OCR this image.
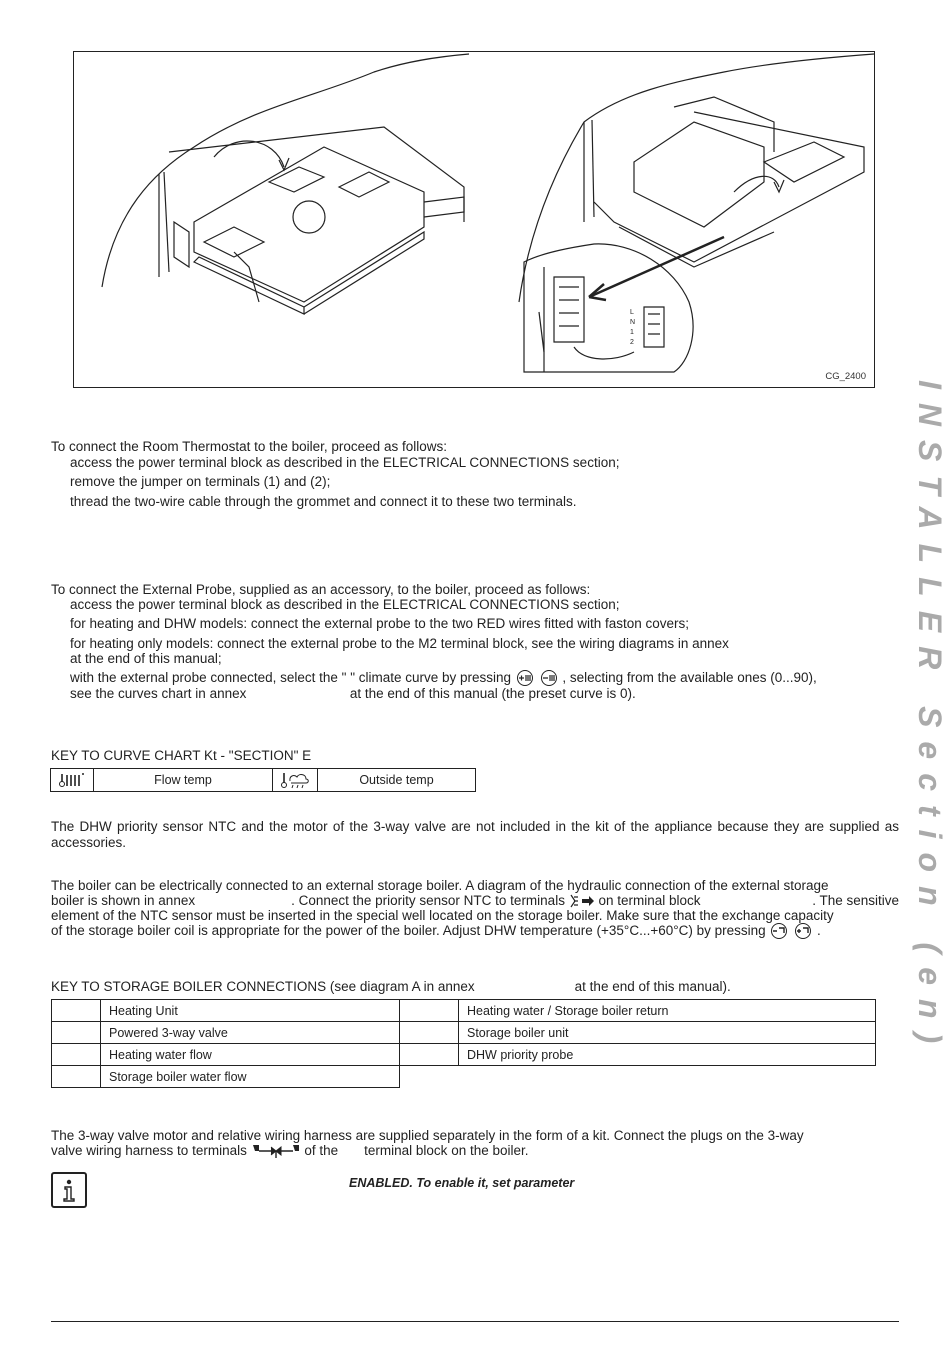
L
N
1
2
CG_2400
INSTALLER Section (en)

To connect the Room Thermostat to the boiler, proceed as follows:

access the power terminal block as described in the ELECTRICAL CONNECTIONS section;

remove the jumper on terminals (1) and (2);

thread the two-wire cable through the grommet and connect it to these two terminals.

To connect the External Probe, supplied as an accessory, to the boiler, proceed as follows:

access the power terminal block as described in the ELECTRICAL CONNECTIONS section;

for heating and DHW models: connect the external probe to the two RED wires fitted with faston covers;

for heating only models: connect the external probe to the M2 terminal block, see the wiring diagrams in annex

at the end of this manual;

with the external probe connected, select the " " climate curve by pressing	, selecting from the available ones (0...90),
see the curves chart in annex	at the end of this manual (the preset curve is 0).

KEY TO CURVE CHART Kt - "SECTION" E

	Flow temp		Outside temp

The DHW priority sensor NTC and the motor of the 3-way valve are not included in the kit of the appliance because they are supplied as accessories.

The boiler can be electrically connected to an external storage boiler. A diagram of the hydraulic connection of the external storage

boiler is shown in annex	. Connect the priority sensor NTC to terminals on terminal block	. The sensitive

element of the NTC sensor must be inserted in the special well located on the storage boiler. Make sure that the exchange capacity

of the storage boiler coil is appropriate for the power of the boiler. Adjust DHW temperature (+35°C...+60°C) by pressing	.
KEY TO STORAGE BOILER CONNECTIONS (see diagram A in annex	at the end of this manual).
	Heating Unit		Heating water / Storage boiler return
	Powered 3-way valve		Storage boiler unit
	Heating water flow		DHW priority probe
	Storage boiler water flow		

The 3-way valve motor and relative wiring harness are supplied separately in the form of a kit. Connect the plugs on the 3-way

valve wiring harness to terminals	of the terminal block on the boiler.

ENABLED. To enable it, set parameter
